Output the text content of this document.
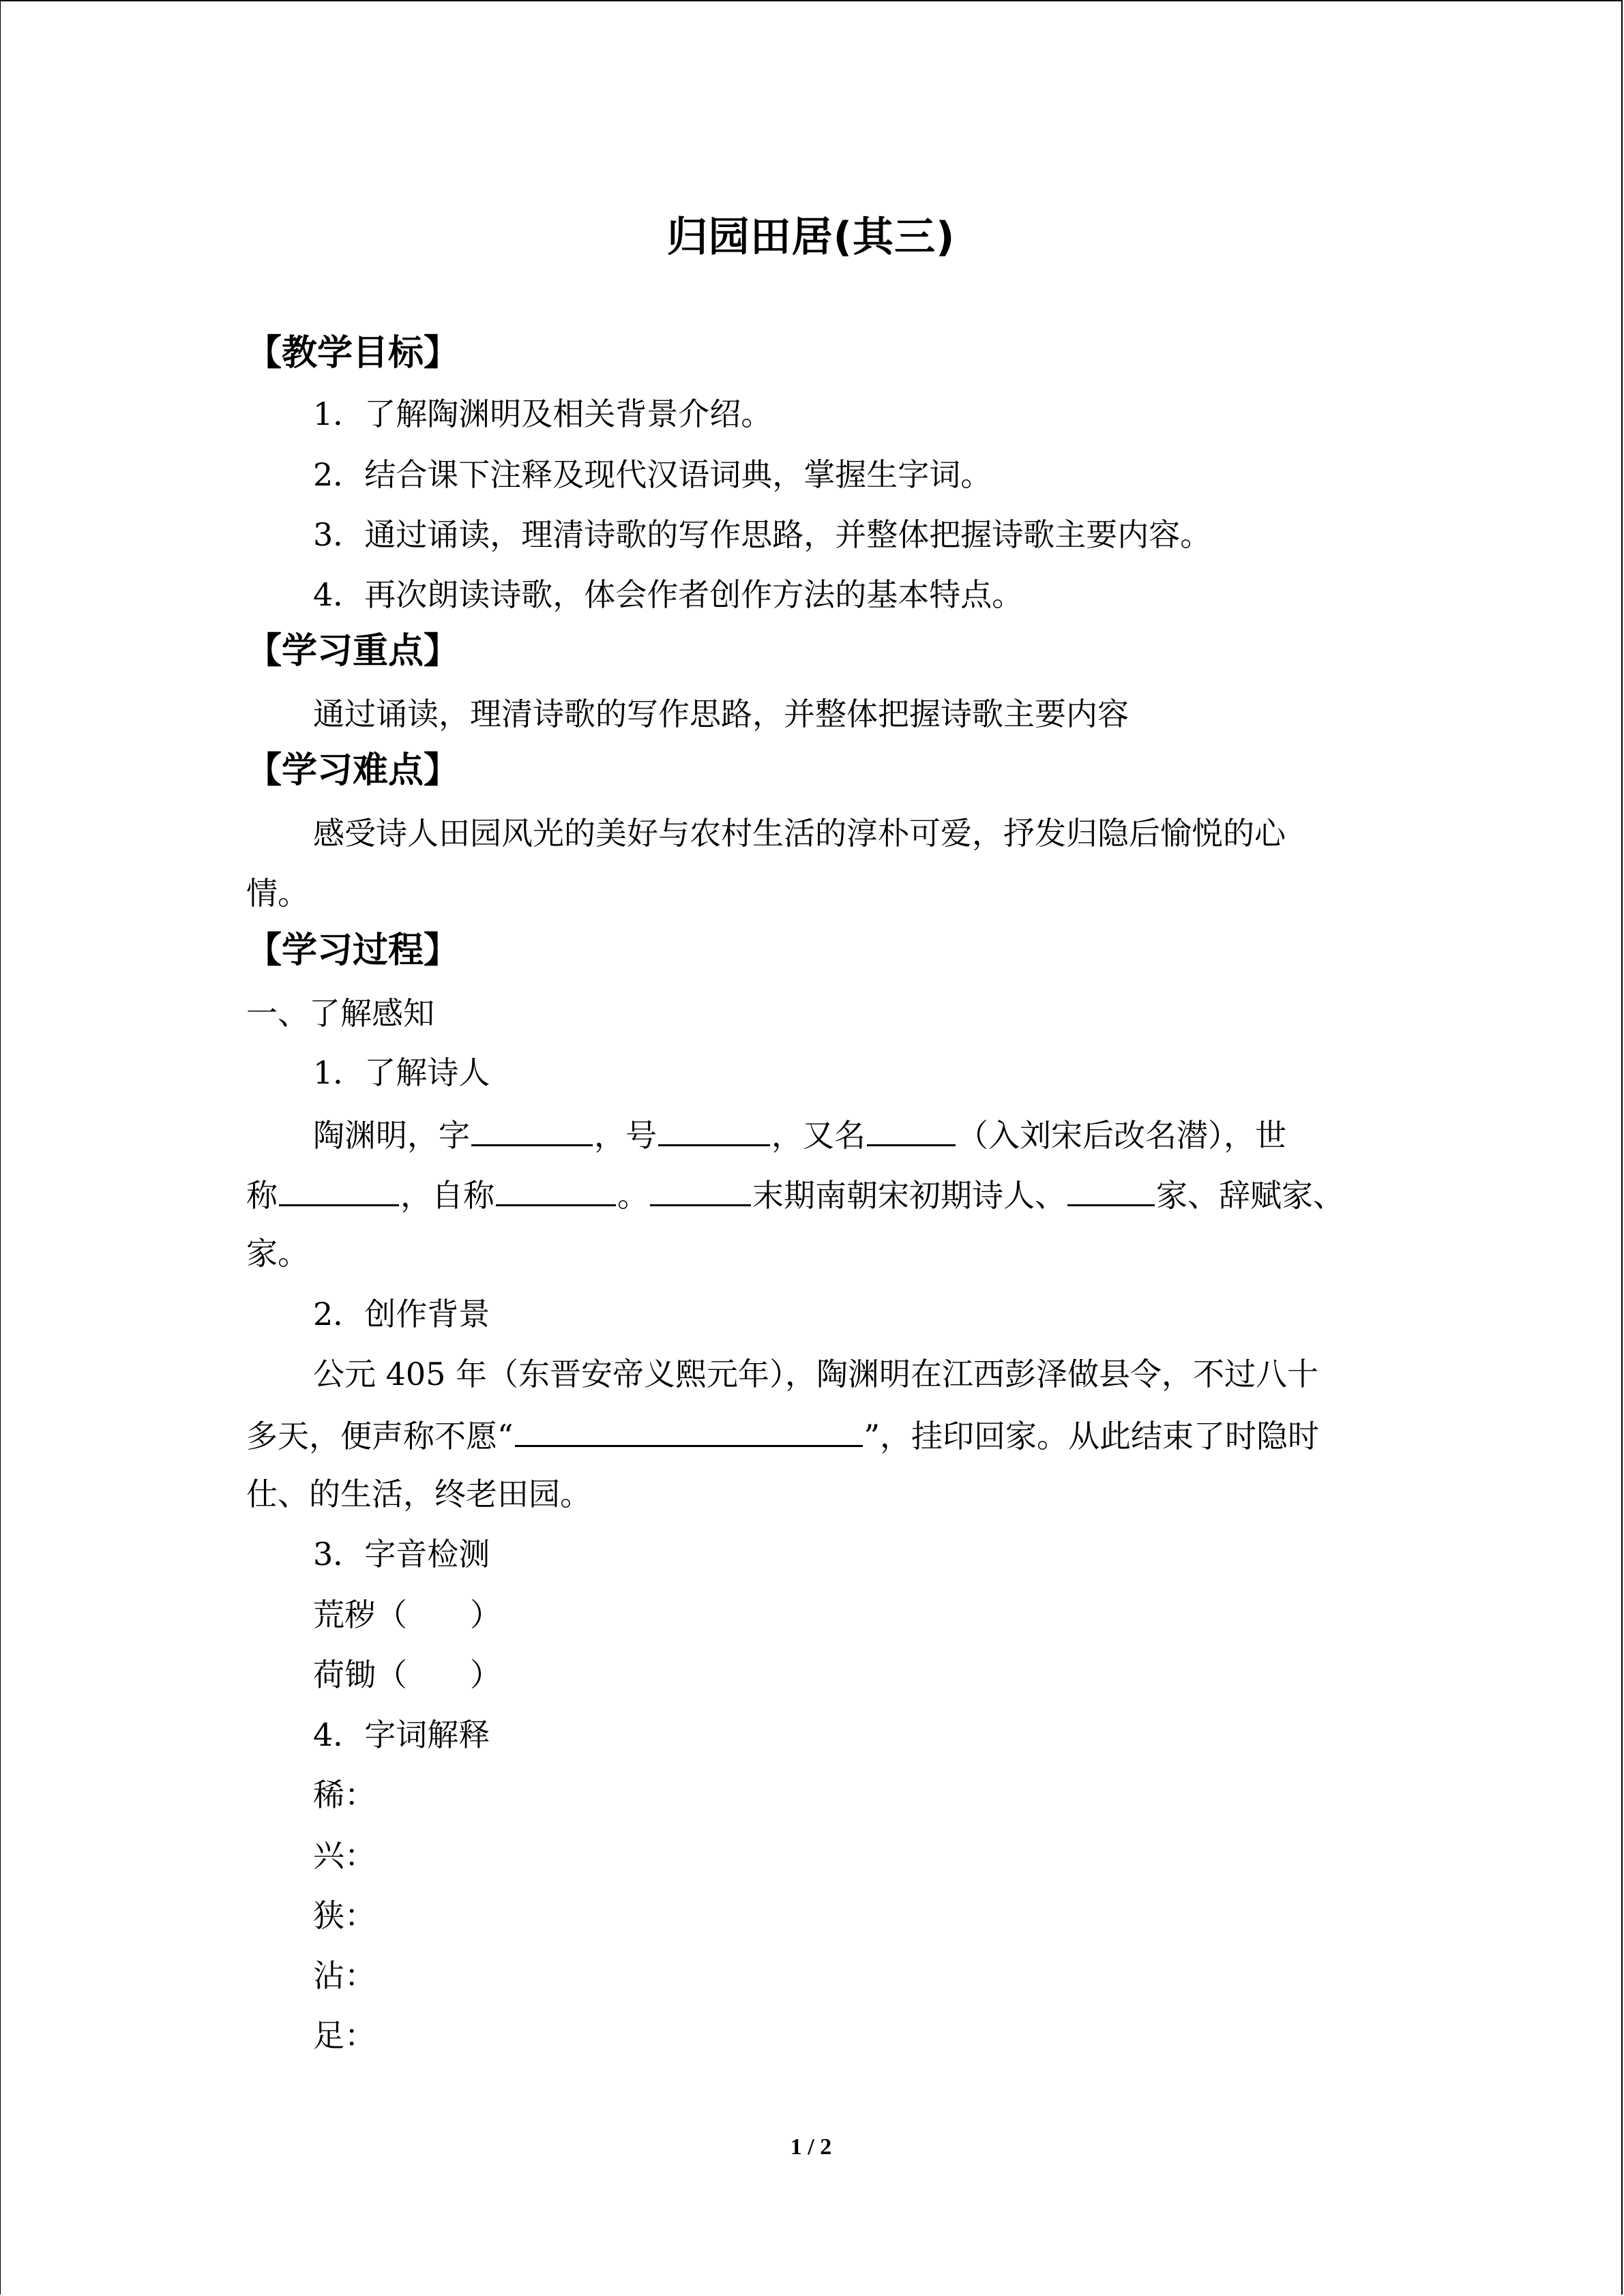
归园田居(其三)
【教学目标】
1．了解陶渊明及相关背景介绍。
2．结合课下注释及现代汉语词典，掌握生字词。
3．通过诵读，理清诗歌的写作思路，并整体把握诗歌主要内容。
4．再次朗读诗歌，体会作者创作方法的基本特点。
【学习重点】
通过诵读，理清诗歌的写作思路，并整体把握诗歌主要内容
【学习难点】
感受诗人田园风光的美好与农村生活的淳朴可爱，抒发归隐后愉悦的心
情。
【学习过程】
一、了解感知
1．了解诗人
陶渊明，字	，号	，又名	（入刘宋后改名潜），世
称	，自称	。	末期南朝宋初期诗人、	家、辞赋家、
家。
2．创作背景
公元 405 年（东晋安帝义熙元年），陶渊明在江西彭泽做县令，不过八十
多天，便声称不愿“	”，挂印回家。从此结束了时隐时
仕、的生活，终老田园。
3．字音检测
荒秽（　　）
荷锄（　　）
4．字词解释
稀：
兴：
狭：
沾：
足：
1 / 2
